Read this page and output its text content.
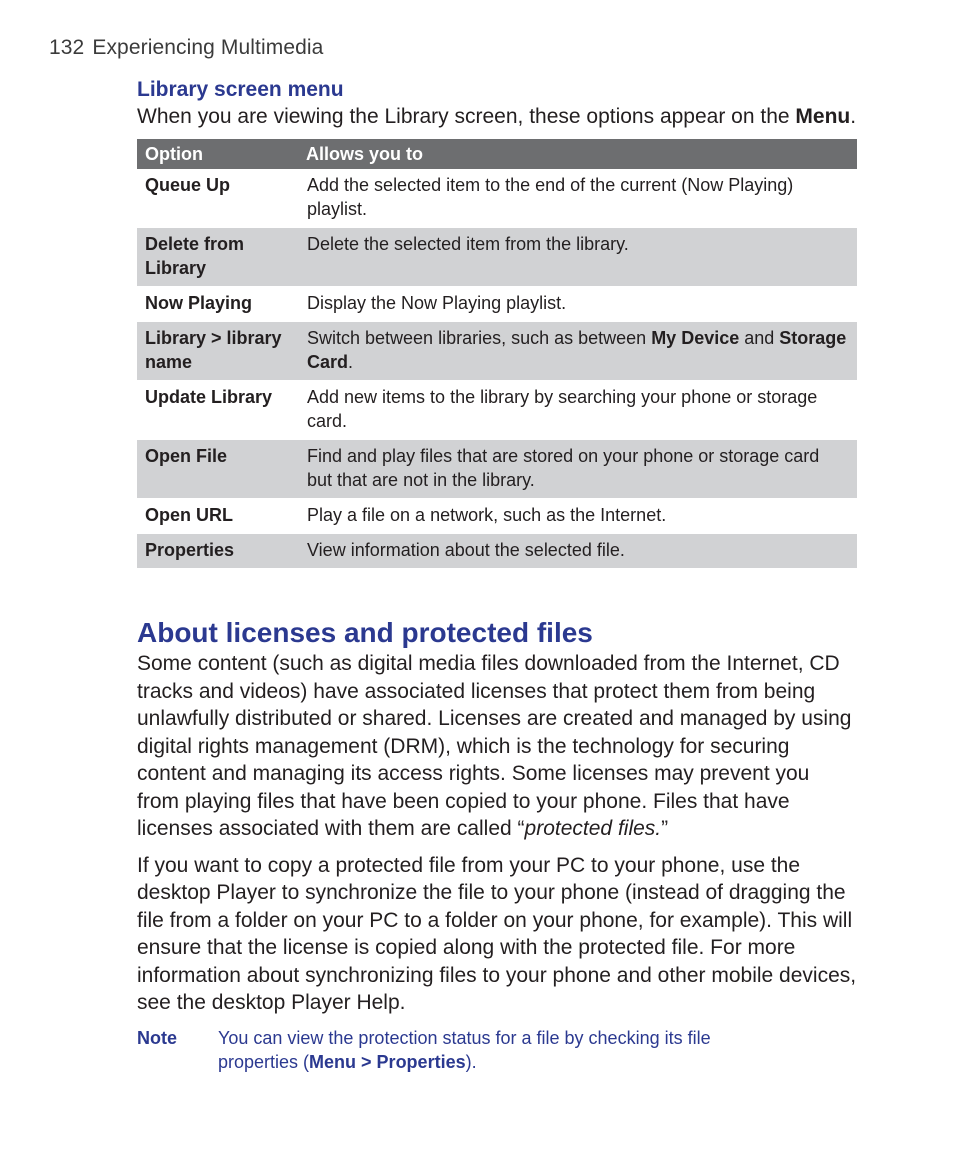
132 Experiencing Multimedia
Library screen menu

When you are viewing the Library screen, these options appear on the Menu.

Option	Allows you to
Queue Up	Add the selected item to the end of the current (Now Playing) playlist.
Delete from Library	Delete the selected item from the library.
Now Playing	Display the Now Playing playlist.
Library > library name	Switch between libraries, such as between My Device and Storage Card.
Update Library	Add new items to the library by searching your phone or storage card.
Open File	Find and play files that are stored on your phone or storage card but that are not in the library.
Open URL	Play a file on a network, such as the Internet.
Properties	View information about the selected file.
About licenses and protected files

Some content (such as digital media files downloaded from the Internet, CD tracks and videos) have associated licenses that protect them from being unlawfully distributed or shared. Licenses are created and managed by using digital rights management (DRM), which is the technology for securing content and managing its access rights. Some licenses may prevent you from playing files that have been copied to your phone. Files that have licenses associated with them are called “protected files.”

If you want to copy a protected file from your PC to your phone, use the desktop Player to synchronize the file to your phone (instead of dragging the file from a folder on your PC to a folder on your phone, for example). This will ensure that the license is copied along with the protected file. For more information about synchronizing files to your phone and other mobile devices, see the desktop Player Help.

Note	You can view the protection status for a file by checking its file properties (Menu > Properties).
